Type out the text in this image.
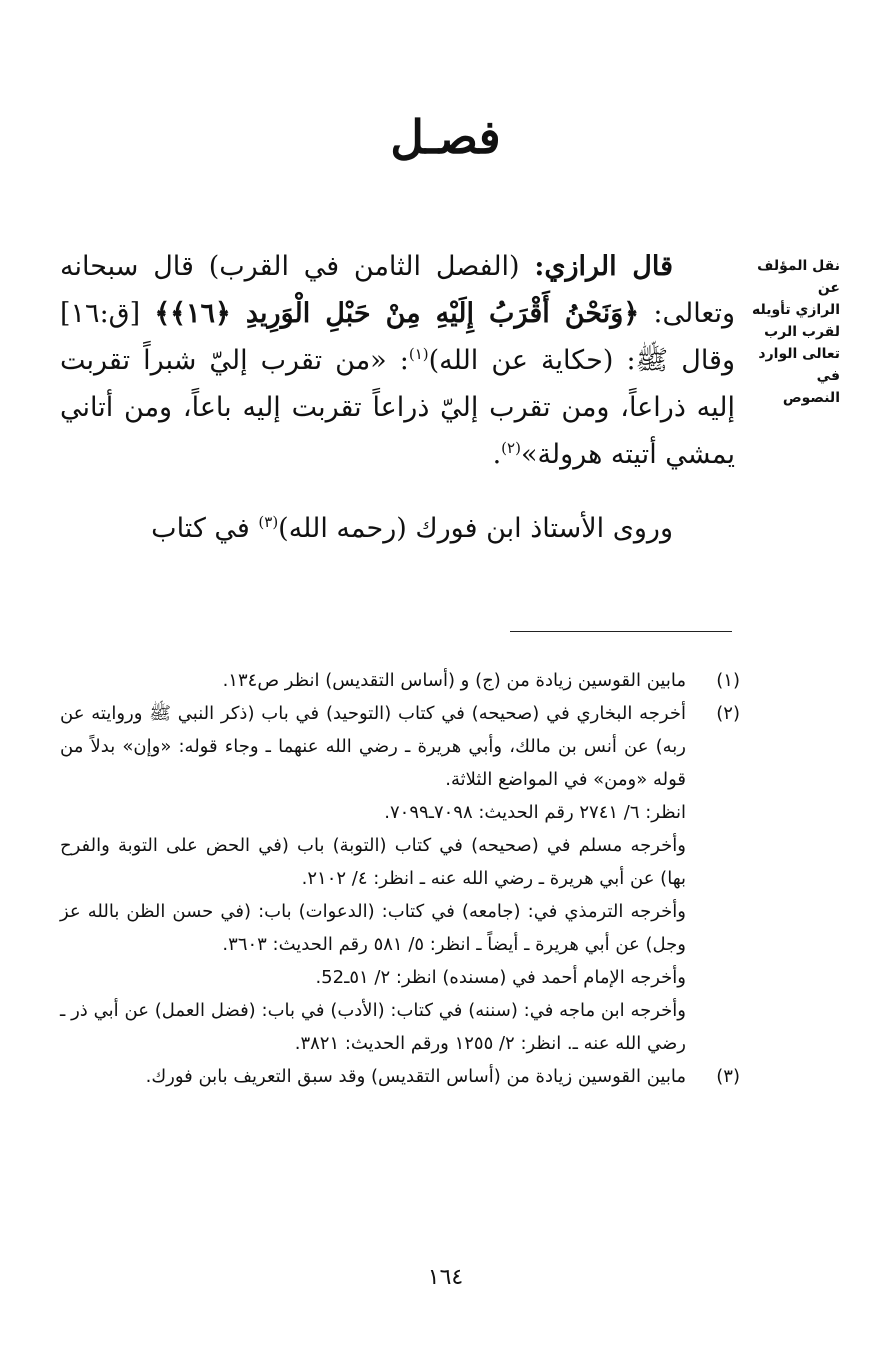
فصـل
نقل المؤلف عن
الرازي تأويله
لقرب الرب
تعالى الوارد في
النصوص
قال الرازي: (الفصل الثامن في القرب) قال سبحانه وتعالى: ﴿وَنَحْنُ أَقْرَبُ إِلَيْهِ مِنْ حَبْلِ الْوَرِيدِ ﴿١٦﴾﴾ [ق:١٦] وقال ﷺ: (حكاية عن الله)$^{(١)}$: «من تقرب إليّ شبراً تقربت إليه ذراعاً، ومن تقرب إليّ ذراعاً تقربت إليه باعاً، ومن أتاني يمشي أتيته هرولة»$^{(٢)}$.
وروى الأستاذ ابن فورك (رحمه الله)$^{(٣)}$ في كتاب
(١)
مابين القوسين زيادة من (ج) و (أساس التقديس) انظر ص١٣٤.
(٢)
أخرجه البخاري في (صحيحه) في كتاب (التوحيد) في باب (ذكر النبي ﷺ وروايته عن ربه) عن أنس بن مالك، وأبي هريرة ـ رضي الله عنهما ـ وجاء قوله: «وإن» بدلاً من قوله «ومن» في المواضع الثلاثة.
انظر: ٦/ ٢٧٤١ رقم الحديث: ٧٠٩٨ـ٧٠٩٩.
وأخرجه مسلم في (صحيحه) في كتاب (التوبة) باب (في الحض على التوبة والفرح بها) عن أبي هريرة ـ رضي الله عنه ـ انظر: ٤/ ٢١٠٢.
وأخرجه الترمذي في: (جامعه) في كتاب: (الدعوات) باب: (في حسن الظن بالله عز وجل) عن أبي هريرة ـ أيضاً ـ انظر: ٥/ ٥٨١ رقم الحديث: ٣٦٠٣.
وأخرجه الإمام أحمد في (مسنده) انظر: ٢/ ٥١ـ52.
وأخرجه ابن ماجه في: (سننه) في كتاب: (الأدب) في باب: (فضل العمل) عن أبي ذر ـ رضي الله عنه ـ. انظر: ٢/ ١٢٥٥ ورقم الحديث: ٣٨٢١.
(٣)
مابين القوسين زيادة من (أساس التقديس) وقد سبق التعريف بابن فورك.
١٦٤
